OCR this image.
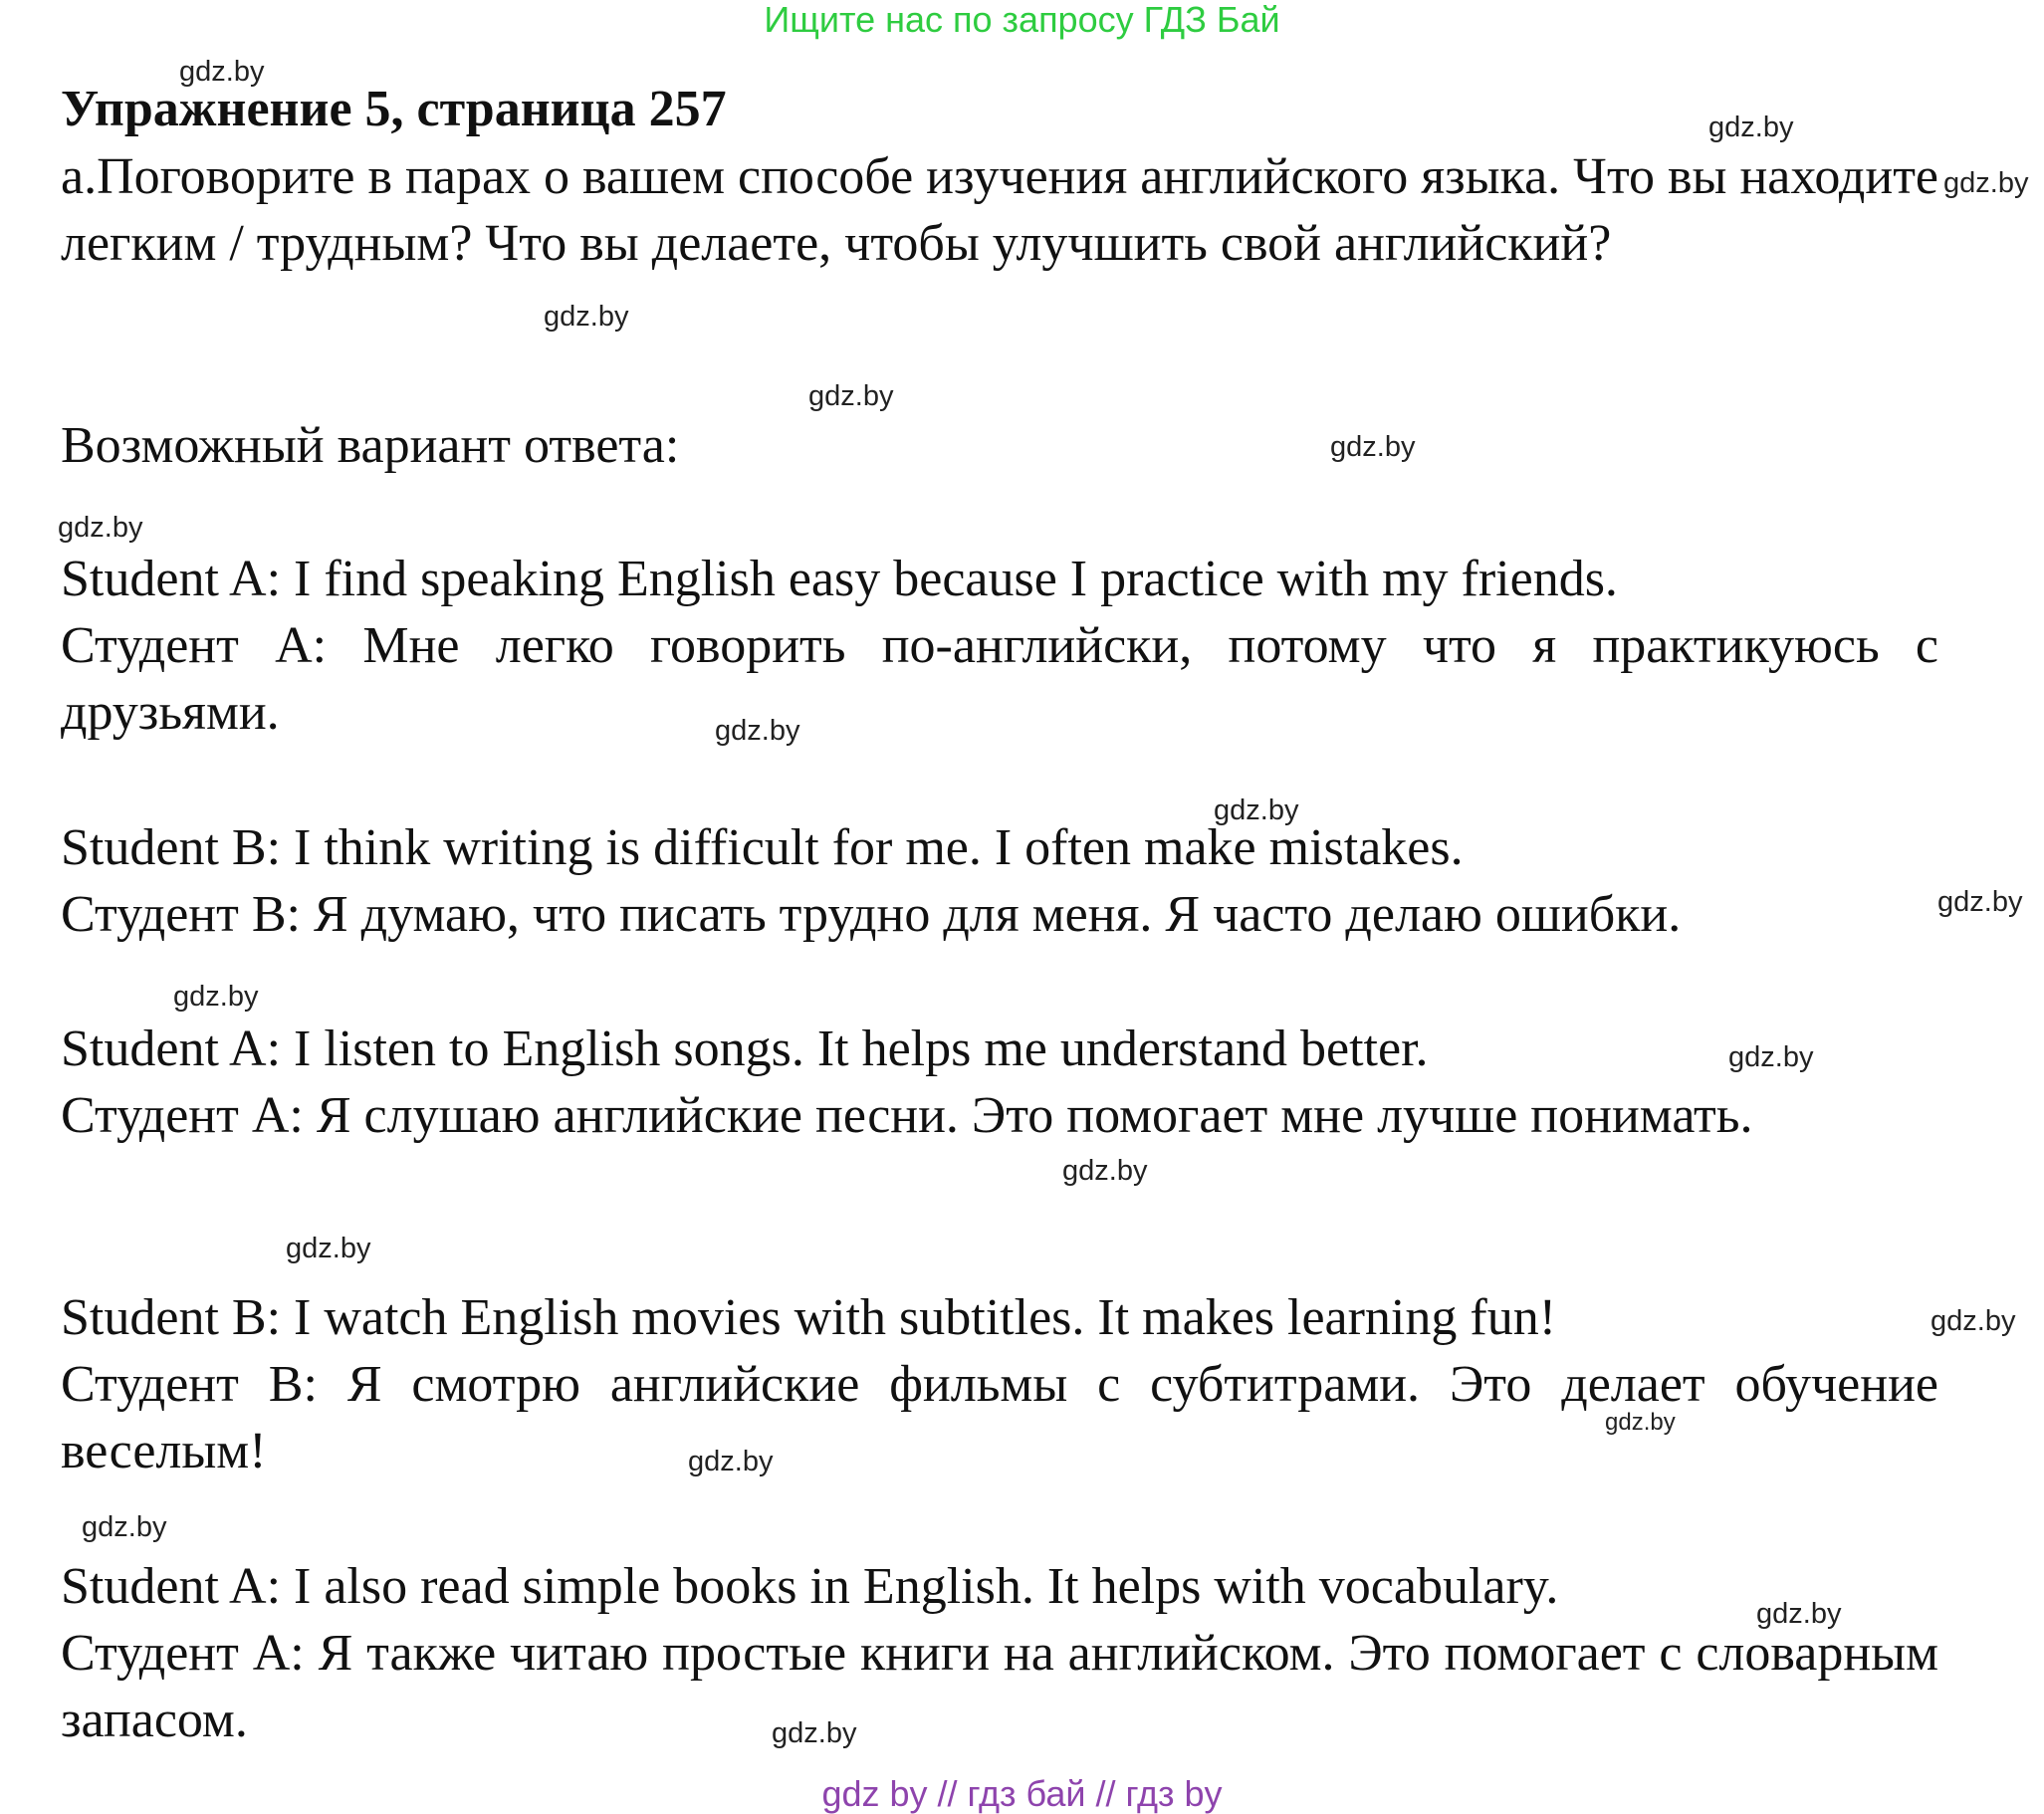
Ищите нас по запросу ГДЗ Бай
Упражнение 5, страница 257
а.Поговорите в парах о вашем способе изучения английского языка. Что вы находите легким / трудным? Что вы делаете, чтобы улучшить свой английский?
Возможный вариант ответа:
Student A: I find speaking English easy because I practice with my friends.
Студент А: Мне легко говорить по-английски, потому что я практикуюсь с друзьями.
Student B: I think writing is difficult for me. I often make mistakes.
Студент В: Я думаю, что писать трудно для меня. Я часто делаю ошибки.
Student A: I listen to English songs. It helps me understand better.
Студент А: Я слушаю английские песни. Это помогает мне лучше понимать.
Student B: I watch English movies with subtitles. It makes learning fun!
Студент В: Я смотрю английские фильмы с субтитрами. Это делает обучение веселым!
Student A: I also read simple books in English. It helps with vocabulary.
Студент А: Я также читаю простые книги на английском. Это помогает с словарным запасом.
gdz.by
gdz.by
gdz.by
gdz.by
gdz.by
gdz.by
gdz.by
gdz.by
gdz.by
gdz.by
gdz.by
gdz.by
gdz.by
gdz.by
gdz.by
gdz.by
gdz.by
gdz.by
gdz.by
gdz.by
gdz by // гдз бай // гдз by
